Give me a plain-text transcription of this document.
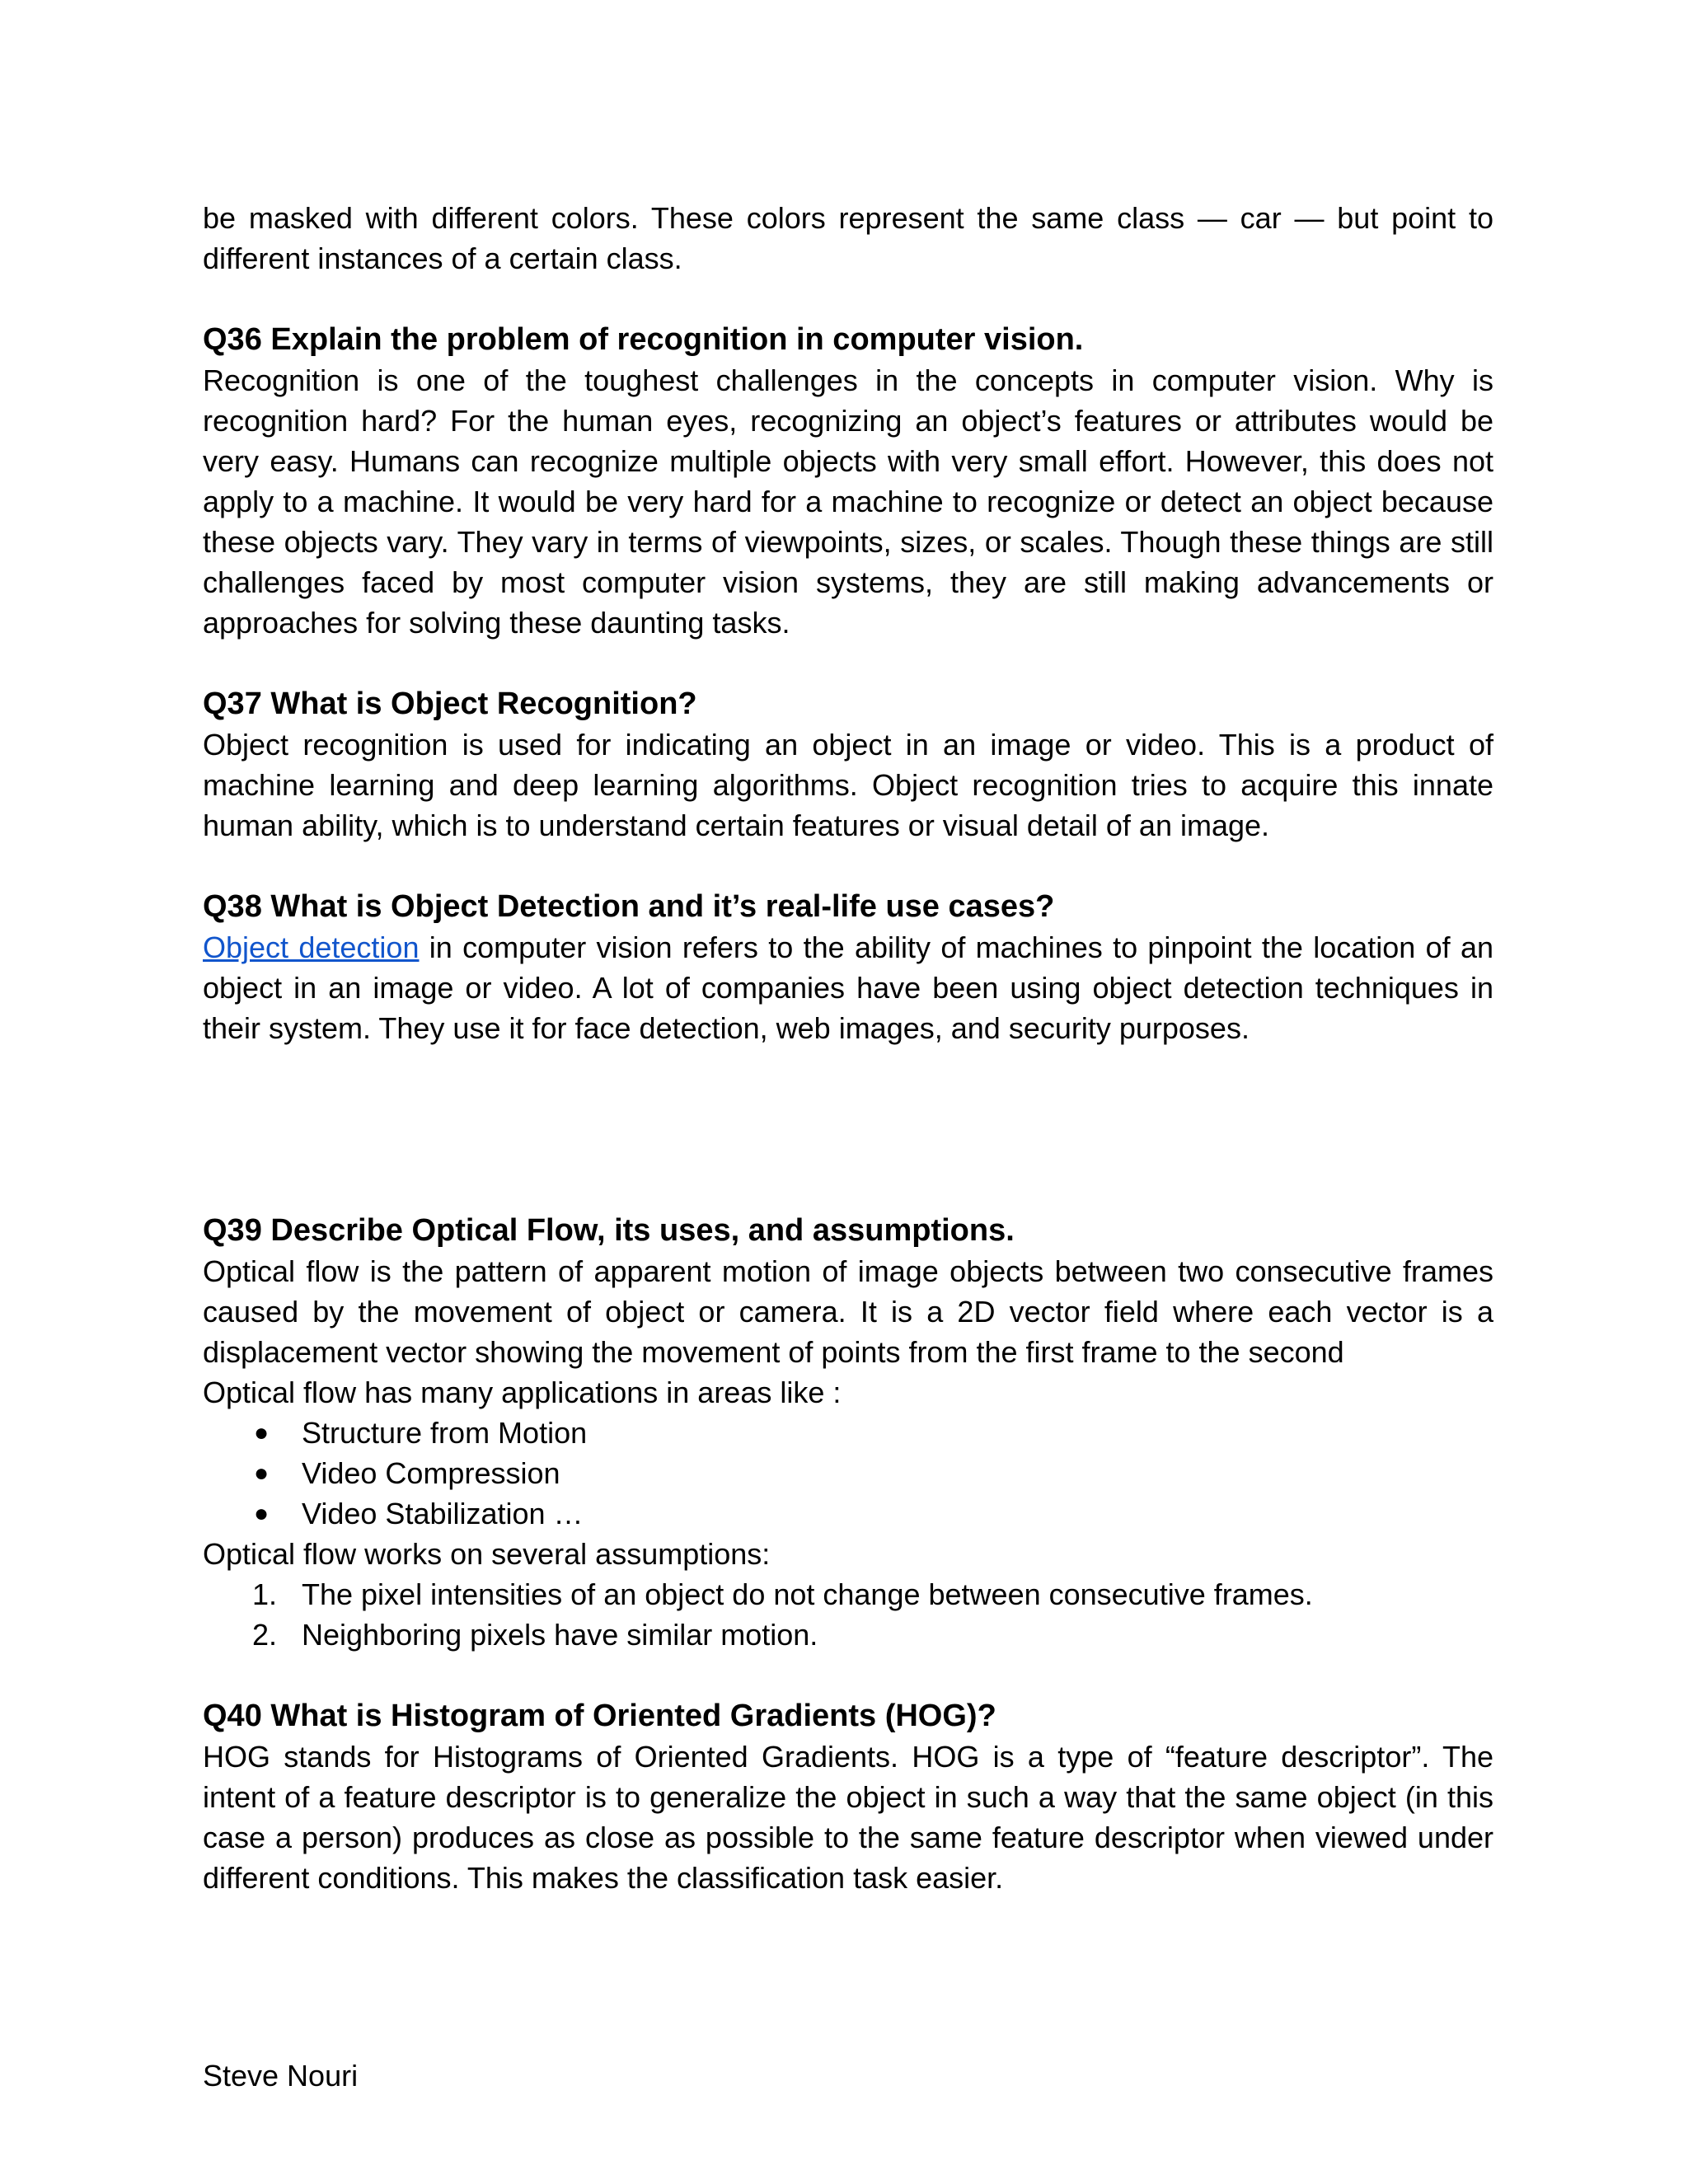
be masked with different colors. These colors represent the same class — car — but point to different instances of a certain class.

Q36 Explain the problem of recognition in computer vision.

Recognition is one of the toughest challenges in the concepts in computer vision. Why is recognition hard? For the human eyes, recognizing an object’s features or attributes would be very easy. Humans can recognize multiple objects with very small effort. However, this does not apply to a machine. It would be very hard for a machine to recognize or detect an object because these objects vary. They vary in terms of viewpoints, sizes, or scales. Though these things are still challenges faced by most computer vision systems, they are still making advancements or approaches for solving these daunting tasks.

Q37 What is Object Recognition?

Object recognition is used for indicating an object in an image or video. This is a product of machine learning and deep learning algorithms. Object recognition tries to acquire this innate human ability, which is to understand certain features or visual detail of an image.

Q38 What is Object Detection and it’s real-life use cases?

Object detection in computer vision refers to the ability of machines to pinpoint the location of an object in an image or video. A lot of companies have been using object detection techniques in their system. They use it for face detection, web images, and security purposes.

Q39 Describe Optical Flow, its uses, and assumptions.

Optical flow is the pattern of apparent motion of image objects between two consecutive frames caused by the movement of object or camera. It is a 2D vector field where each vector is a displacement vector showing the movement of points from the first frame to the second

Optical flow has many applications in areas like :

● Structure from Motion
● Video Compression
● Video Stabilization …

Optical flow works on several assumptions:

1. The pixel intensities of an object do not change between consecutive frames.
2. Neighboring pixels have similar motion.
Q40 What is Histogram of Oriented Gradients (HOG)?

HOG stands for Histograms of Oriented Gradients. HOG is a type of “feature descriptor”. The intent of a feature descriptor is to generalize the object in such a way that the same object (in this case a person) produces as close as possible to the same feature descriptor when viewed under different conditions. This makes the classification task easier.

Steve Nouri
